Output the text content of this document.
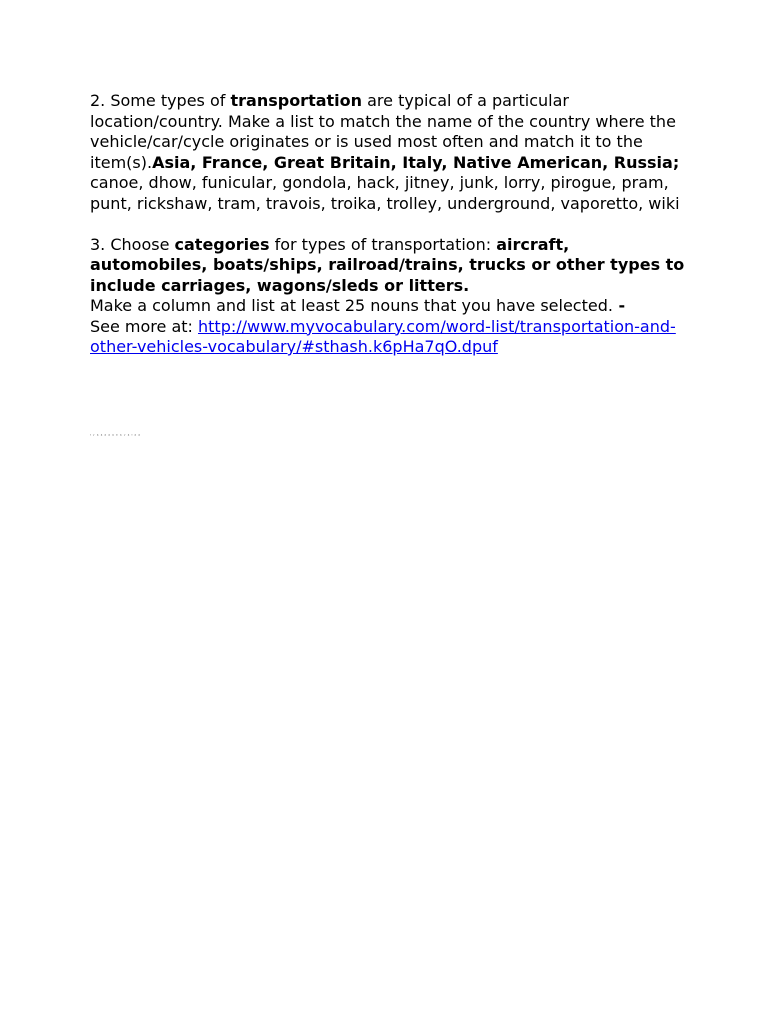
2. Some types of transportation are typical of a particular location/country. Make a list to match the name of the country where the vehicle/car/cycle originates or is used most often and match it to the item(s).Asia, France, Great Britain, Italy, Native American, Russia;

canoe, dhow, funicular, gondola, hack, jitney, junk, lorry, pirogue, pram, punt, rickshaw, tram, travois, troika, trolley, underground, vaporetto, wiki

3. Choose categories for types of transportation: aircraft, automobiles, boats/ships, railroad/trains, trucks or other types to include carriages, wagons/sleds or litters.

Make a column and list at least 25 nouns that you have selected. -
See more at: http://www.myvocabulary.com/word-list/transportation-and-other-vehicles-vocabulary/#sthash.k6pHa7qO.dpuf

ˡ ᵛ ᵃ ᵃ ᵃ ᵃ ᵃ ᵉ ᵃ ᵛ ᵃ ˡ ᵃ ᵃ
